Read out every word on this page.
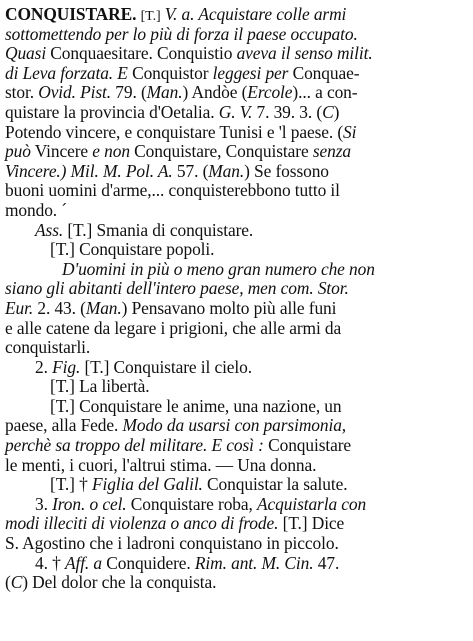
CONQUISTARE. [T.] V. a. Acquistare colle armi
sottomettendo per lo più di forza il paese occupato.
Quasi Conquaesitare. Conquistio aveva il senso milit.
di Leva forzata. E Conquistor leggesi per Conquae-
stor. Ovid. Pist. 79. (Man.) Andòe (Ercole)... a con-
quistare la provincia d'Oetalia. G. V. 7. 39. 3. (C)
Potendo vincere, e conquistare Tunisi e 'l paese. (Si
può Vincere e non Conquistare, Conquistare senza
Vincere.) Mil. M. Pol. A. 57. (Man.) Se fossono
buoni uomini d'arme,... conquisterebbono tutto il
mondo. ´
Ass. [T.] Smania di conquistare.
[T.] Conquistare popoli.
D'uomini in più o meno gran numero che non
siano gli abitanti dell'intero paese, men com. Stor.
Eur. 2. 43. (Man.) Pensavano molto più alle funi
e alle catene da legare i prigioni, che alle armi da
conquistarli.
2. Fig. [T.] Conquistare il cielo.
[T.] La libertà.
[T.] Conquistare le anime, una nazione, un
paese, alla Fede. Modo da usarsi con parsimonia,
perchè sa troppo del militare. E così : Conquistare
le menti, i cuori, l'altrui stima. — Una donna.
[T.] † Figlia del Galil. Conquistar la salute.
3. Iron. o cel. Conquistare roba, Acquistarla con
modi illeciti di violenza o anco di frode. [T.] Dice
S. Agostino che i ladroni conquistano in piccolo.
4. † Aff. a Conquidere. Rim. ant. M. Cin. 47.
(C) Del dolor che la conquista.
